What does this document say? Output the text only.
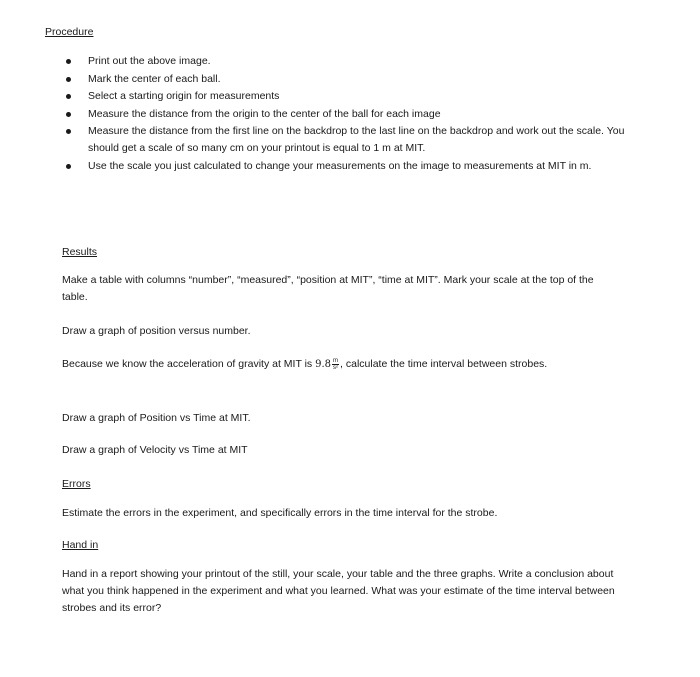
Procedure
Print out the above image.
Mark the center of each ball.
Select a starting origin for measurements
Measure the distance from the origin to the center of the ball for each image
Measure the distance from the first line on the backdrop to the last line on the backdrop and work out the scale. You should get a scale of so many cm on your printout is equal to 1 m at MIT.
Use the scale you just calculated to change your measurements on the image to measurements at MIT in m.
Results

Make a table with columns “number”, “measured”, “position at MIT”, “time at MIT”. Mark your scale at the top of the table.

Draw a graph of position versus number.

Because we know the acceleration of gravity at MIT is $9.8 \frac{m}{\text{s²}}$ , calculate the time interval between strobes.

Draw a graph of Position vs Time at MIT.

Draw a graph of Velocity vs Time at MIT

Errors

Estimate the errors in the experiment, and specifically errors in the time interval for the strobe.

Hand in

Hand in a report showing your printout of the still, your scale, your table and the three graphs. Write a conclusion about what you think happened in the experiment and what you learned. What was your estimate of the time interval between strobes and its error?
